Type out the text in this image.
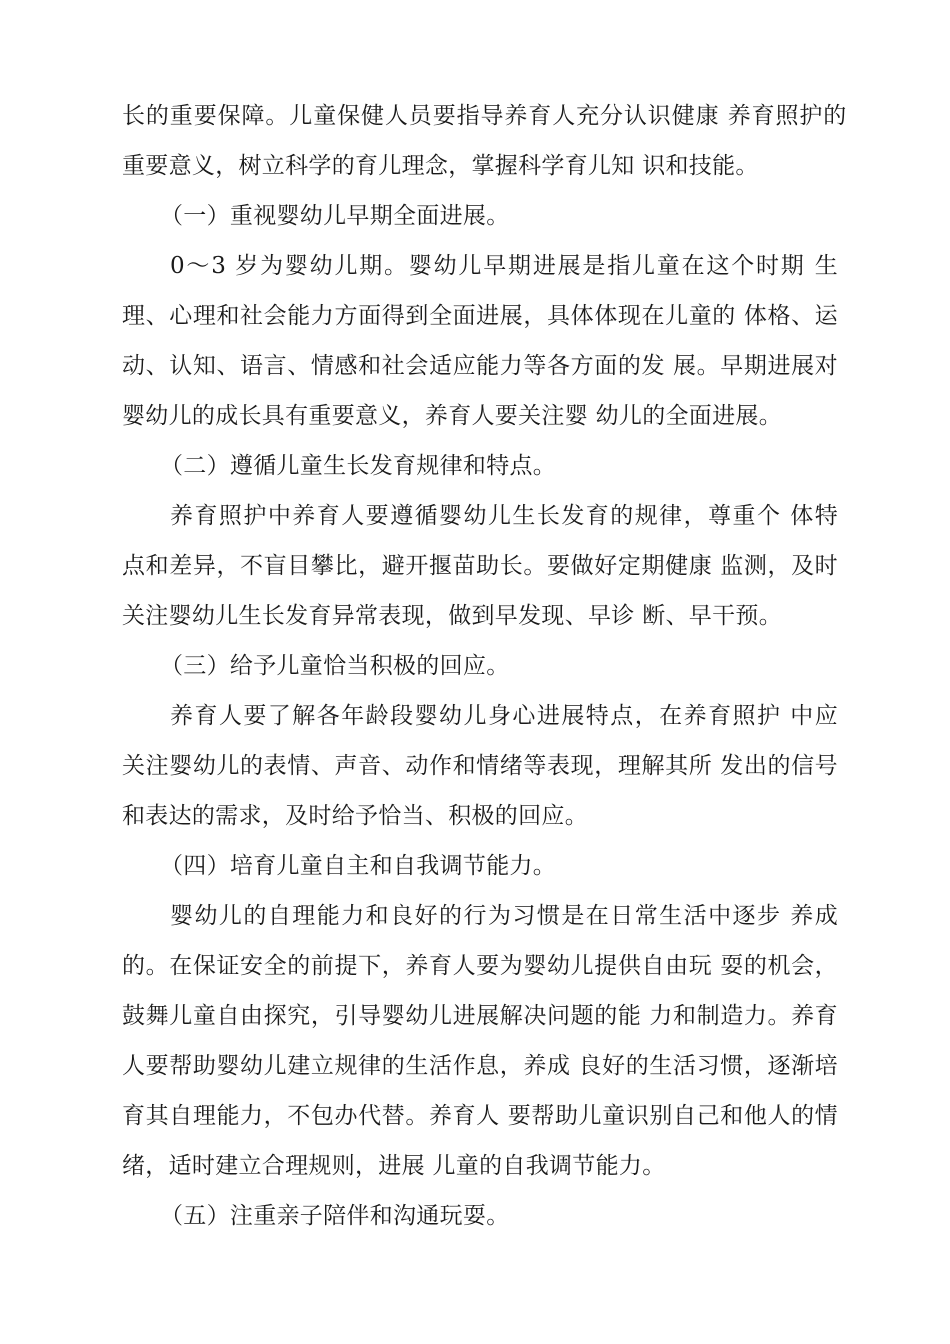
长的重要保障。儿童保健人员要指导养育人充分认识健康 养育照护的
重要意义，树立科学的育儿理念，掌握科学育儿知 识和技能。
（一）重视婴幼儿早期全面进展。
0〜3 岁为婴幼儿期。婴幼儿早期进展是指儿童在这个时期 生
理、心理和社会能力方面得到全面进展，具体体现在儿童的 体格、运
动、认知、语言、情感和社会适应能力等各方面的发 展。早期进展对
婴幼儿的成长具有重要意义，养育人要关注婴 幼儿的全面进展。
（二）遵循儿童生长发育规律和特点。
养育照护中养育人要遵循婴幼儿生长发育的规律，尊重个 体特
点和差异，不盲目攀比，避开揠苗助长。要做好定期健康 监测，及时
关注婴幼儿生长发育异常表现，做到早发现、早诊 断、早干预。
（三）给予儿童恰当积极的回应。
养育人要了解各年龄段婴幼儿身心进展特点，在养育照护 中应
关注婴幼儿的表情、声音、动作和情绪等表现，理解其所 发出的信号
和表达的需求，及时给予恰当、积极的回应。
（四）培育儿童自主和自我调节能力。
婴幼儿的自理能力和良好的行为习惯是在日常生活中逐步 养成
的。在保证安全的前提下，养育人要为婴幼儿提供自由玩 耍的机会，
鼓舞儿童自由探究，引导婴幼儿进展解决问题的能 力和制造力。养育
人要帮助婴幼儿建立规律的生活作息，养成 良好的生活习惯，逐渐培
育其自理能力，不包办代替。养育人 要帮助儿童识别自己和他人的情
绪，适时建立合理规则，进展 儿童的自我调节能力。
（五）注重亲子陪伴和沟通玩耍。
